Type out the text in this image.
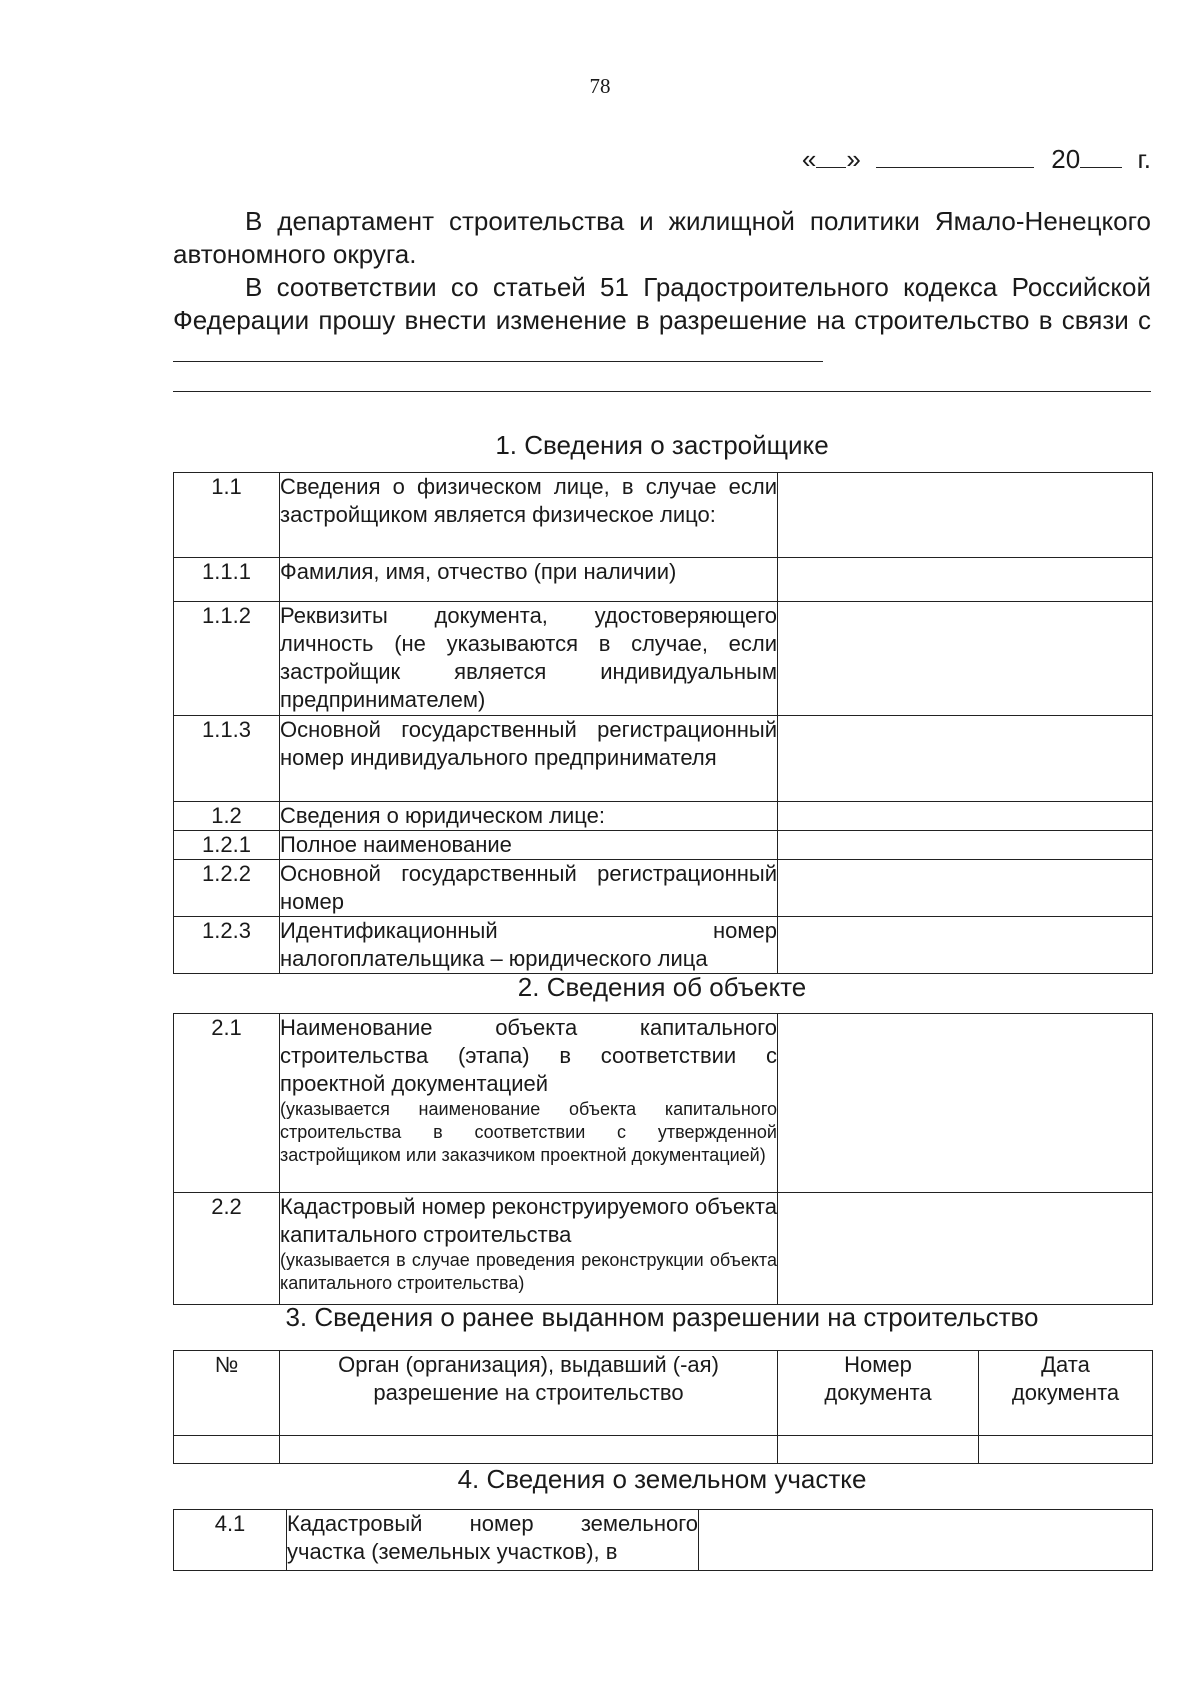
78
« »	20 г.
В департамент строительства и жилищной политики Ямало-Ненецкого автономного округа.
В соответствии со статьей 51 Градостроительного кодекса Российской Федерации прошу внести изменение в разрешение на строительство в связи с
1. Сведения о застройщике
1.1	Сведения о физическом лице, в случае если застройщиком является физическое лицо:	
1.1.1	Фамилия, имя, отчество (при наличии)	
1.1.2	Реквизиты документа, удостоверяющего личность (не указываются в случае, если застройщик является индивидуальным предпринимателем)	
1.1.3	Основной государственный регистрационный номер индивидуального предпринимателя	
1.2	Сведения о юридическом лице:	
1.2.1	Полное наименование	
1.2.2	Основной государственный регистрационный номер	
1.2.3	Идентификационный номер налогоплательщика – юридического лица	
2. Сведения об объекте
2.1	Наименование объекта капитального строительства (этапа) в соответствии с проектной документацией
(указывается наименование объекта капитального строительства в соответствии с утвержденной застройщиком или заказчиком проектной документацией)	

2.2	Кадастровый номер реконструируемого объекта капитального строительства
(указывается в случае проведения реконструкции объекта капитального строительства)	

3. Сведения о ранее выданном разрешении на строительство
№	Орган (организация), выдавший (-ая) разрешение на строительство	Номер документа	Дата документа

4. Сведения о земельном участке
4.1	Кадастровый номер земельного участка (земельных участков), в	
